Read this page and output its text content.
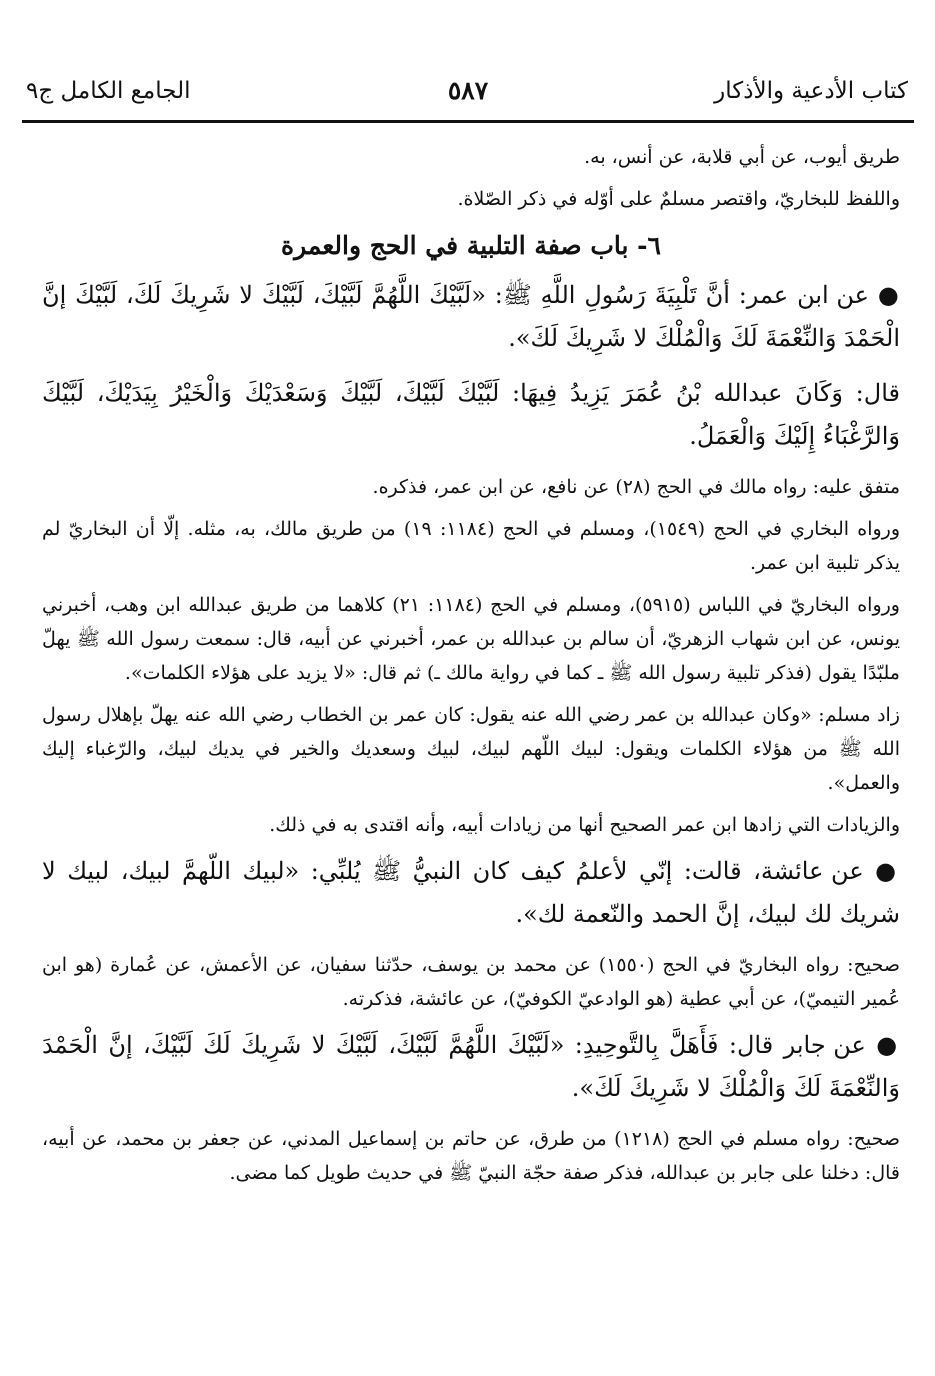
كتاب الأدعية والأذكار
٥٨٧
الجامع الكامل ج٩

طريق أيوب، عن أبي قلابة، عن أنس، به.

واللفظ للبخاريّ، واقتصر مسلمٌ على أوّله في ذكر الصّلاة.

٦- باب صفة التلبية في الحج والعمرة

● عن ابن عمر: أنَّ تَلْبِيَةَ رَسُولِ اللَّهِ ﷺ: «لَبَّيْكَ اللَّهُمَّ لَبَّيْكَ، لَبَّيْكَ لا شَرِيكَ لَكَ، لَبَّيْكَ إنَّ الْحَمْدَ وَالنِّعْمَةَ لَكَ وَالْمُلْكَ لا شَرِيكَ لَكَ».

قال: وَكَانَ عبدالله بْنُ عُمَرَ يَزِيدُ فِيهَا: لَبَّيْكَ لَبَّيْكَ، لَبَّيْكَ وَسَعْدَيْكَ وَالْخَيْرُ بِيَدَيْكَ، لَبَّيْكَ وَالرَّغْبَاءُ إِلَيْكَ وَالْعَمَلُ.

متفق عليه: رواه مالك في الحج (٢٨) عن نافع، عن ابن عمر، فذكره.

ورواه البخاري في الحج (١٥٤٩)، ومسلم في الحج (١١٨٤: ١٩) من طريق مالك، به، مثله. إلّا أن البخاريّ لم يذكر تلبية ابن عمر.

ورواه البخاريّ في اللباس (٥٩١٥)، ومسلم في الحج (١١٨٤: ٢١) كلاهما من طريق عبدالله ابن وهب، أخبرني يونس، عن ابن شهاب الزهريّ، أن سالم بن عبدالله بن عمر، أخبرني عن أبيه، قال: سمعت رسول الله ﷺ يهلّ ملبّدًا يقول (فذكر تلبية رسول الله ﷺ ـ كما في رواية مالك ـ) ثم قال: «لا يزيد على هؤلاء الكلمات».

زاد مسلم: «وكان عبدالله بن عمر رضي الله عنه يقول: كان عمر بن الخطاب رضي الله عنه يهلّ بإهلال رسول الله ﷺ من هؤلاء الكلمات ويقول: لبيك اللّهم لبيك، لبيك وسعديك والخير في يديك لبيك، والرّغباء إليك والعمل».

والزيادات التي زادها ابن عمر الصحيح أنها من زيادات أبيه، وأنه اقتدى به في ذلك.

● عن عائشة، قالت: إنّي لأعلمُ كيف كان النبيُّ ﷺ يُلبِّي: «لبيك اللّهمَّ لبيك، لبيك لا شريك لك لبيك، إنَّ الحمد والنّعمة لك».

صحيح: رواه البخاريّ في الحج (١٥٥٠) عن محمد بن يوسف، حدّثنا سفيان، عن الأعمش، عن عُمارة (هو ابن عُمير التيميّ)، عن أبي عطية (هو الوادعيّ الكوفيّ)، عن عائشة، فذكرته.

● عن جابر قال: فَأَهَلَّ بِالتَّوحِيدِ: «لَبَّيْكَ اللَّهُمَّ لَبَّيْكَ، لَبَّيْكَ لا شَرِيكَ لَكَ لَبَّيْكَ، إنَّ الْحَمْدَ وَالنِّعْمَةَ لَكَ وَالْمُلْكَ لا شَرِيكَ لَكَ».

صحيح: رواه مسلم في الحج (١٢١٨) من طرق، عن حاتم بن إسماعيل المدني، عن جعفر بن محمد، عن أبيه، قال: دخلنا على جابر بن عبدالله، فذكر صفة حجّة النبيّ ﷺ في حديث طويل كما مضى.
